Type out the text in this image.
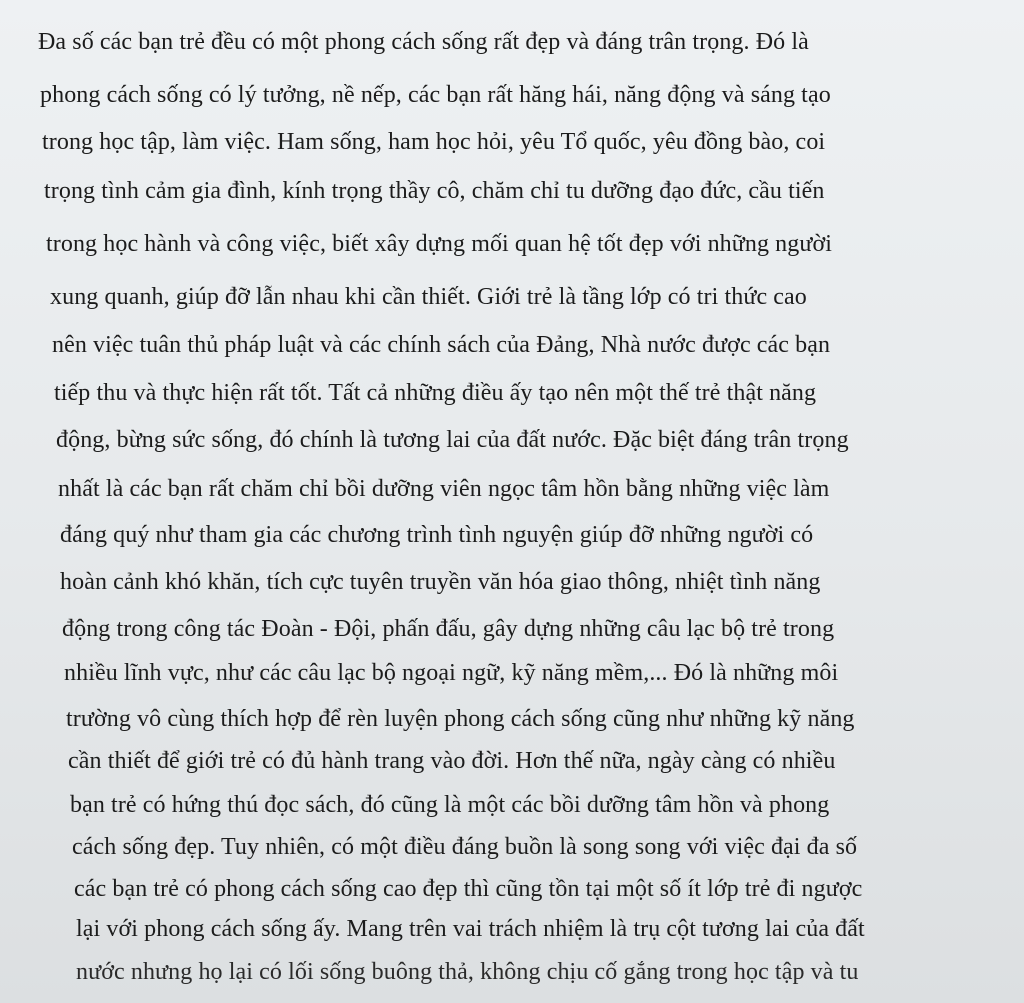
Đa số các bạn trẻ đều có một phong cách sống rất đẹp và đáng trân trọng. Đó là
phong cách sống có lý tưởng, nề nếp, các bạn rất hăng hái, năng động và sáng tạo
trong học tập, làm việc. Ham sống, ham học hỏi, yêu Tổ quốc, yêu đồng bào, coi
trọng tình cảm gia đình, kính trọng thầy cô, chăm chỉ tu dưỡng đạo đức, cầu tiến
trong học hành và công việc, biết xây dựng mối quan hệ tốt đẹp với những người
xung quanh, giúp đỡ lẫn nhau khi cần thiết. Giới trẻ là tầng lớp có tri thức cao
nên việc tuân thủ pháp luật và các chính sách của Đảng, Nhà nước được các bạn
tiếp thu và thực hiện rất tốt. Tất cả những điều ấy tạo nên một thế trẻ thật năng
động, bừng sức sống, đó chính là tương lai của đất nước. Đặc biệt đáng trân trọng
nhất là các bạn rất chăm chỉ bồi dưỡng viên ngọc tâm hồn bằng những việc làm
đáng quý như tham gia các chương trình tình nguyện giúp đỡ những người có
hoàn cảnh khó khăn, tích cực tuyên truyền văn hóa giao thông, nhiệt tình năng
động trong công tác Đoàn - Đội, phấn đấu, gây dựng những câu lạc bộ trẻ trong
nhiều lĩnh vực, như các câu lạc bộ ngoại ngữ, kỹ năng mềm,... Đó là những môi
trường vô cùng thích hợp để rèn luyện phong cách sống cũng như những kỹ năng
cần thiết để giới trẻ có đủ hành trang vào đời. Hơn thế nữa, ngày càng có nhiều
bạn trẻ có hứng thú đọc sách, đó cũng là một các bồi dưỡng tâm hồn và phong
cách sống đẹp. Tuy nhiên, có một điều đáng buồn là song song với việc đại đa số
các bạn trẻ có phong cách sống cao đẹp thì cũng tồn tại một số ít lớp trẻ đi ngược
lại với phong cách sống ấy. Mang trên vai trách nhiệm là trụ cột tương lai của đất
nước nhưng họ lại có lối sống buông thả, không chịu cố gắng trong học tập và tu
